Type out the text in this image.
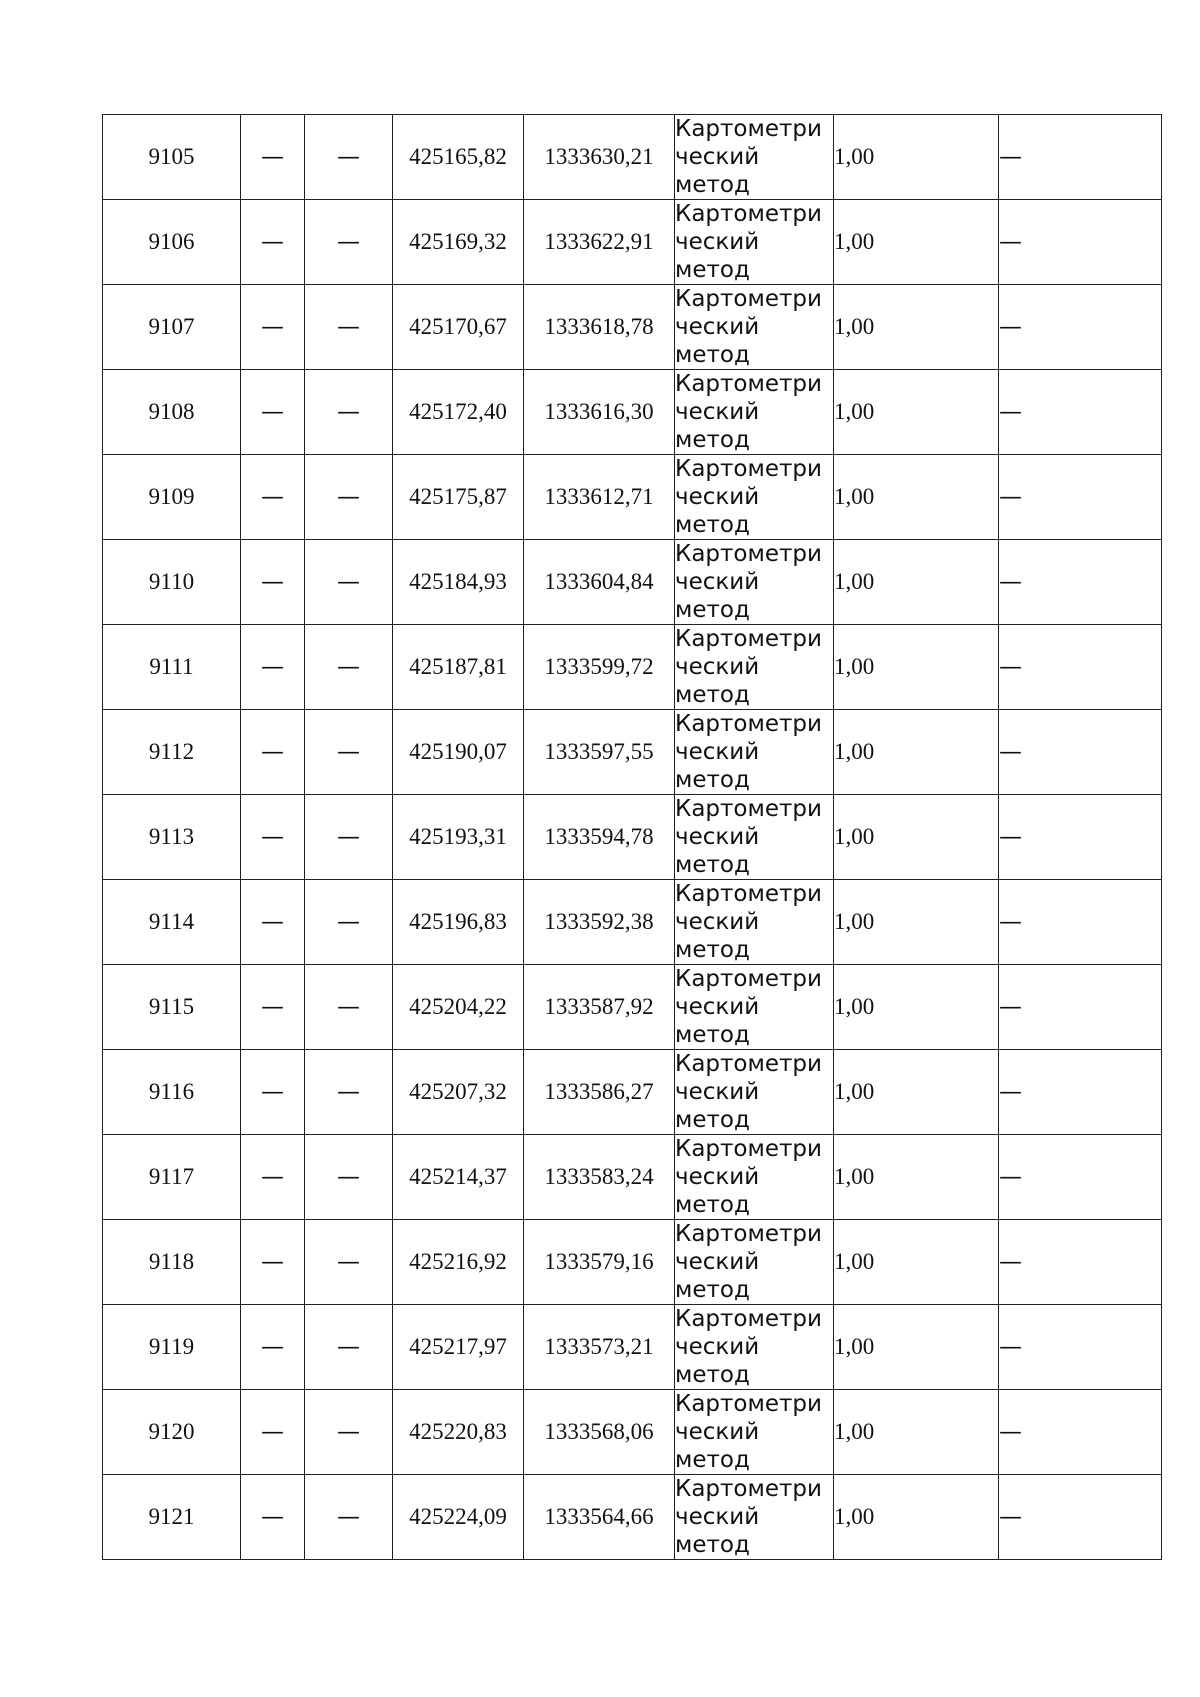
9105	—	—	425165,82	1333630,21	Картометри
ческий
метод	1,00	—
9106	—	—	425169,32	1333622,91	Картометри
ческий
метод	1,00	—
9107	—	—	425170,67	1333618,78	Картометри
ческий
метод	1,00	—
9108	—	—	425172,40	1333616,30	Картометри
ческий
метод	1,00	—
9109	—	—	425175,87	1333612,71	Картометри
ческий
метод	1,00	—
9110	—	—	425184,93	1333604,84	Картометри
ческий
метод	1,00	—
9111	—	—	425187,81	1333599,72	Картометри
ческий
метод	1,00	—
9112	—	—	425190,07	1333597,55	Картометри
ческий
метод	1,00	—
9113	—	—	425193,31	1333594,78	Картометри
ческий
метод	1,00	—
9114	—	—	425196,83	1333592,38	Картометри
ческий
метод	1,00	—
9115	—	—	425204,22	1333587,92	Картометри
ческий
метод	1,00	—
9116	—	—	425207,32	1333586,27	Картометри
ческий
метод	1,00	—
9117	—	—	425214,37	1333583,24	Картометри
ческий
метод	1,00	—
9118	—	—	425216,92	1333579,16	Картометри
ческий
метод	1,00	—
9119	—	—	425217,97	1333573,21	Картометри
ческий
метод	1,00	—
9120	—	—	425220,83	1333568,06	Картометри
ческий
метод	1,00	—
9121	—	—	425224,09	1333564,66	Картометри
ческий
метод	1,00	—
